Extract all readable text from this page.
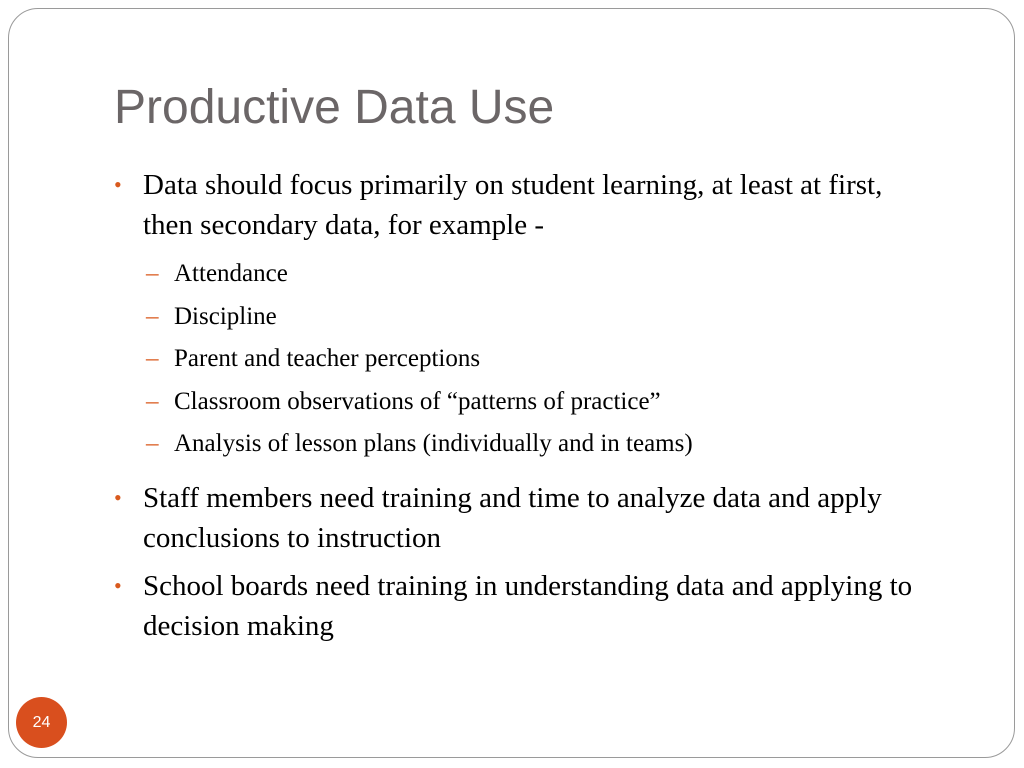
Productive Data Use
• Data should focus primarily on student learning, at least at first, then secondary data, for example -
– Attendance
– Discipline
– Parent and teacher perceptions
– Classroom observations of “patterns of practice”
– Analysis of lesson plans (individually and in teams)
• Staff members need training and time to analyze data and apply conclusions to instruction
• School boards need training in understanding data and applying to decision making
24
